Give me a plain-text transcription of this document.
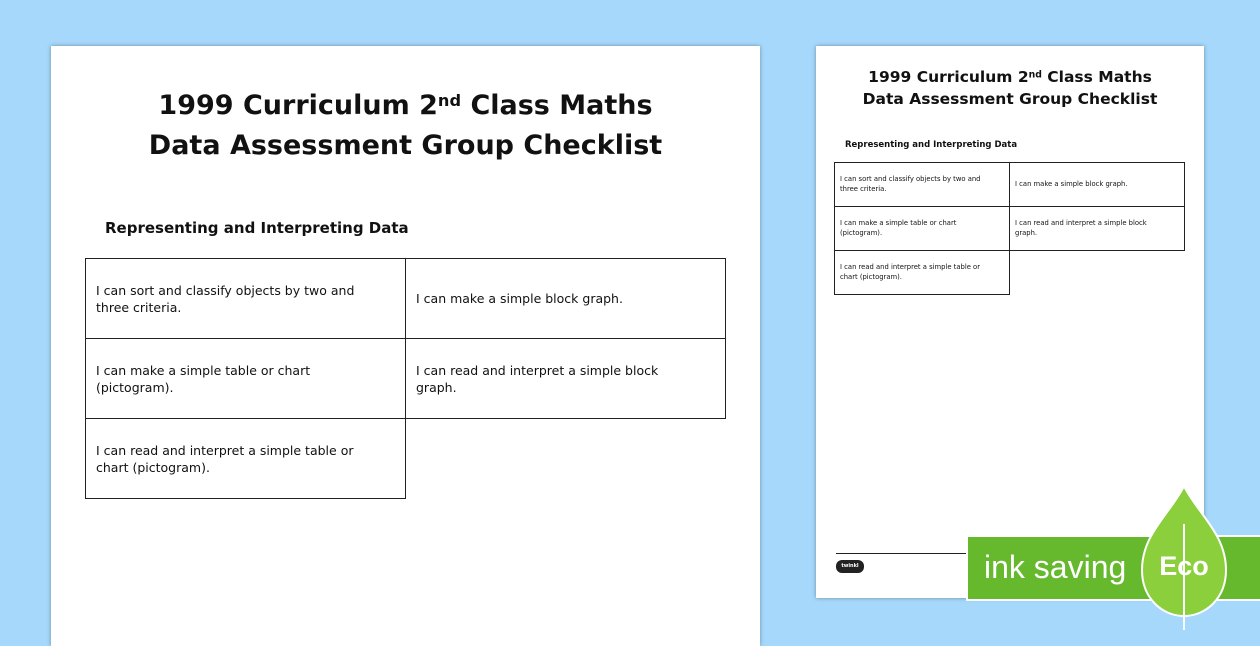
1999 Curriculum 2nd Class Maths
Data Assessment Group Checklist
Representing and Interpreting Data
I can sort and classify objects by two and three criteria.
I can make a simple block graph.
I can make a simple table or chart (pictogram).
I can read and interpret a simple block graph.
I can read and interpret a simple table or chart (pictogram).
1999 Curriculum 2nd Class Maths
Data Assessment Group Checklist
Representing and Interpreting Data
I can sort and classify objects by two and three criteria.
I can make a simple block graph.
I can make a simple table or chart (pictogram).
I can read and interpret a simple block graph.
I can read and interpret a simple table or chart (pictogram).
twinkl	ink saving	Eco
